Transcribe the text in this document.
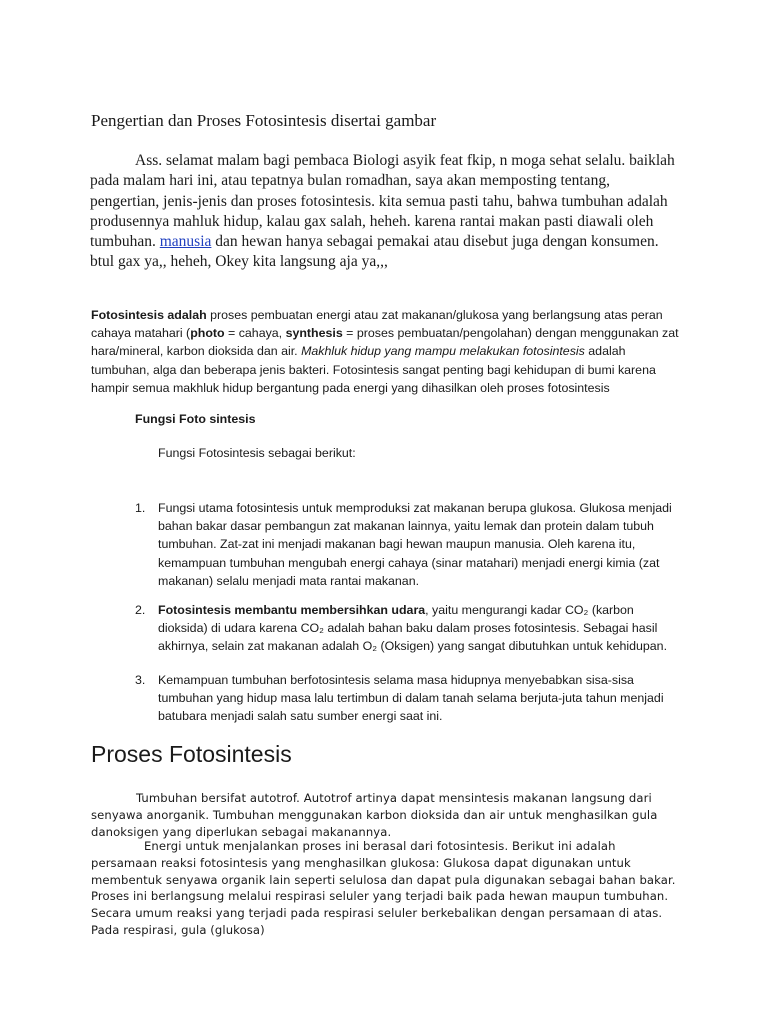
Pengertian dan Proses Fotosintesis disertai gambar

Ass. selamat malam bagi pembaca Biologi asyik feat fkip, n moga sehat selalu. baiklah pada malam hari ini, atau tepatnya bulan romadhan, saya akan memposting tentang, pengertian, jenis-jenis dan proses fotosintesis. kita semua pasti tahu, bahwa tumbuhan adalah produsennya mahluk hidup, kalau gax salah, heheh. karena rantai makan pasti diawali oleh tumbuhan. manusia dan hewan hanya sebagai pemakai atau disebut juga dengan konsumen. btul gax ya,, heheh, Okey kita langsung aja ya,,,

Fotosintesis adalah proses pembuatan energi atau zat makanan/glukosa yang berlangsung atas peran cahaya matahari (photo = cahaya, synthesis = proses pembuatan/pengolahan) dengan menggunakan zat hara/mineral, karbon dioksida dan air. Makhluk hidup yang mampu melakukan fotosintesis adalah tumbuhan, alga dan beberapa jenis bakteri. Fotosintesis sangat penting bagi kehidupan di bumi karena hampir semua makhluk hidup bergantung pada energi yang dihasilkan oleh proses fotosintesis

Fungsi Foto sintesis

Fungsi Fotosintesis sebagai berikut:

1.	Fungsi utama fotosintesis untuk memproduksi zat makanan berupa glukosa. Glukosa menjadi bahan bakar dasar pembangun zat makanan lainnya, yaitu lemak dan protein dalam tubuh tumbuhan. Zat-zat ini menjadi makanan bagi hewan maupun manusia. Oleh karena itu, kemampuan tumbuhan mengubah energi cahaya (sinar matahari) menjadi energi kimia (zat makanan) selalu menjadi mata rantai makanan.
2.	Fotosintesis membantu membersihkan udara, yaitu mengurangi kadar CO₂ (karbon dioksida) di udara karena CO₂ adalah bahan baku dalam proses fotosintesis. Sebagai hasil akhirnya, selain zat makanan adalah O₂ (Oksigen) yang sangat dibutuhkan untuk kehidupan.
3.	Kemampuan tumbuhan berfotosintesis selama masa hidupnya menyebabkan sisa-sisa tumbuhan yang hidup masa lalu tertimbun di dalam tanah selama berjuta-juta tahun menjadi batubara menjadi salah satu sumber energi saat ini.
Proses Fotosintesis

Tumbuhan bersifat autotrof. Autotrof artinya dapat mensintesis makanan langsung dari senyawa anorganik. Tumbuhan menggunakan karbon dioksida dan air untuk menghasilkan gula danoksigen yang diperlukan sebagai makanannya.

Energi untuk menjalankan proses ini berasal dari fotosintesis. Berikut ini adalah persamaan reaksi fotosintesis yang menghasilkan glukosa: Glukosa dapat digunakan untuk membentuk senyawa organik lain seperti selulosa dan dapat pula digunakan sebagai bahan bakar. Proses ini berlangsung melalui respirasi seluler yang terjadi baik pada hewan maupun tumbuhan. Secara umum reaksi yang terjadi pada respirasi seluler berkebalikan dengan persamaan di atas. Pada respirasi, gula (glukosa)
